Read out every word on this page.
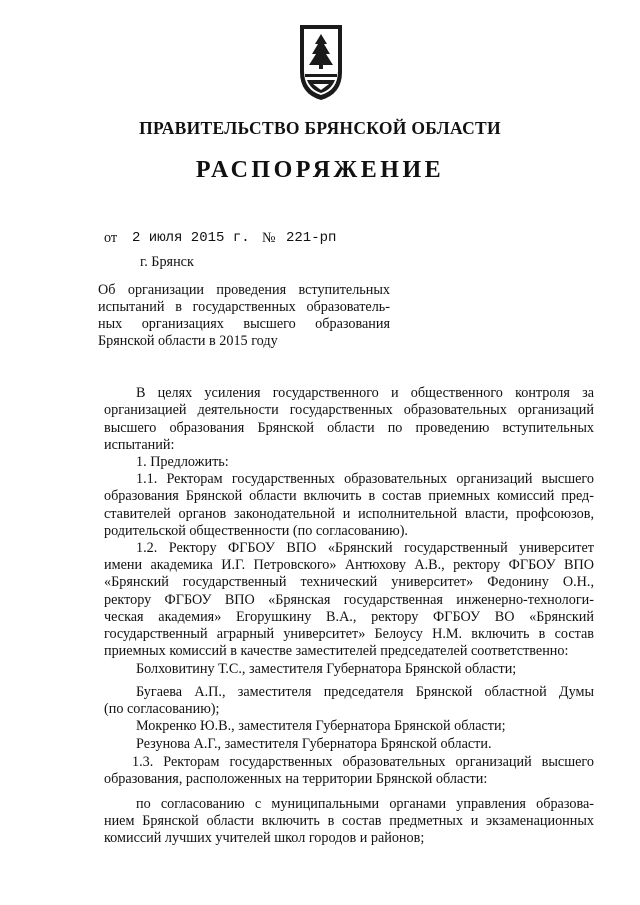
ПРАВИТЕЛЬСТВО БРЯНСКОЙ ОБЛАСТИ
РАСПОРЯЖЕНИЕ
от 2 июля 2015 г. № 221-рп
г. Брянск
Об организации проведения вступительных
испытаний в государственных образователь-
ных организациях высшего образования
Брянской области в 2015 году
В целях усиления государственного и общественного контроля за
организацией деятельности государственных образовательных организаций
высшего образования Брянской области по проведению вступительных
испытаний:
1. Предложить:
1.1. Ректорам государственных образовательных организаций высшего
образования Брянской области включить в состав приемных комиссий пред-
ставителей органов законодательной и исполнительной власти, профсоюзов,
родительской общественности (по согласованию).
1.2. Ректору ФГБОУ ВПО «Брянский государственный университет
имени академика И.Г. Петровского» Антюхову А.В., ректору ФГБОУ ВПО
«Брянский государственный технический университет» Федонину О.Н.,
ректору ФГБОУ ВПО «Брянская государственная инженерно-технологи-
ческая академия» Егорушкину В.А., ректору ФГБОУ ВО «Брянский
государственный аграрный университет» Белоусу Н.М. включить в состав
приемных комиссий в качестве заместителей председателей соответственно:
Болховитину Т.С., заместителя Губернатора Брянской области;
Бугаева А.П., заместителя председателя Брянской областной Думы
(по согласованию);
Мокренко Ю.В., заместителя Губернатора Брянской области;
Резунова А.Г., заместителя Губернатора Брянской области.
1.3. Ректорам государственных образовательных организаций высшего
образования, расположенных на территории Брянской области:
по согласованию с муниципальными органами управления образова-
нием Брянской области включить в состав предметных и экзаменационных
комиссий лучших учителей школ городов и районов;
